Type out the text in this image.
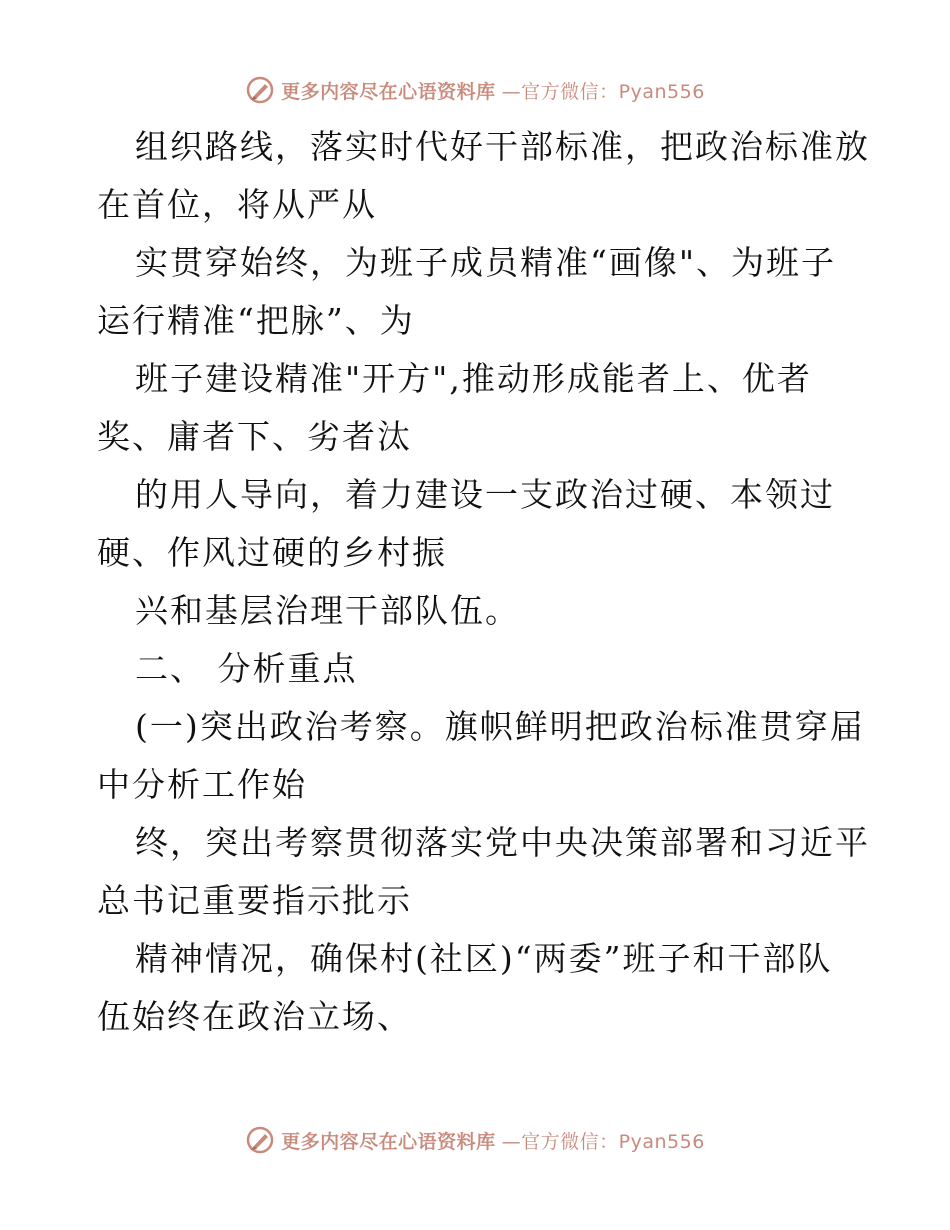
更多内容尽在心语资料库 —官方微信：Pyan556
组织路线，落实时代好干部标准，把政治标准放
在首位，将从严从
实贯穿始终，为班子成员精准“画像"、为班子
运行精准“把脉”、为
班子建设精准"开方",推动形成能者上、优者
奖、庸者下、劣者汰
的用人导向，着力建设一支政治过硬、本领过
硬、作风过硬的乡村振
兴和基层治理干部队伍。
二、 分析重点
(一)突出政治考察。旗帜鲜明把政治标准贯穿届
中分析工作始
终，突出考察贯彻落实党中央决策部署和习近平
总书记重要指示批示
精神情况，确保村(社区)“两委”班子和干部队
伍始终在政治立场、
更多内容尽在心语资料库 —官方微信：Pyan556
